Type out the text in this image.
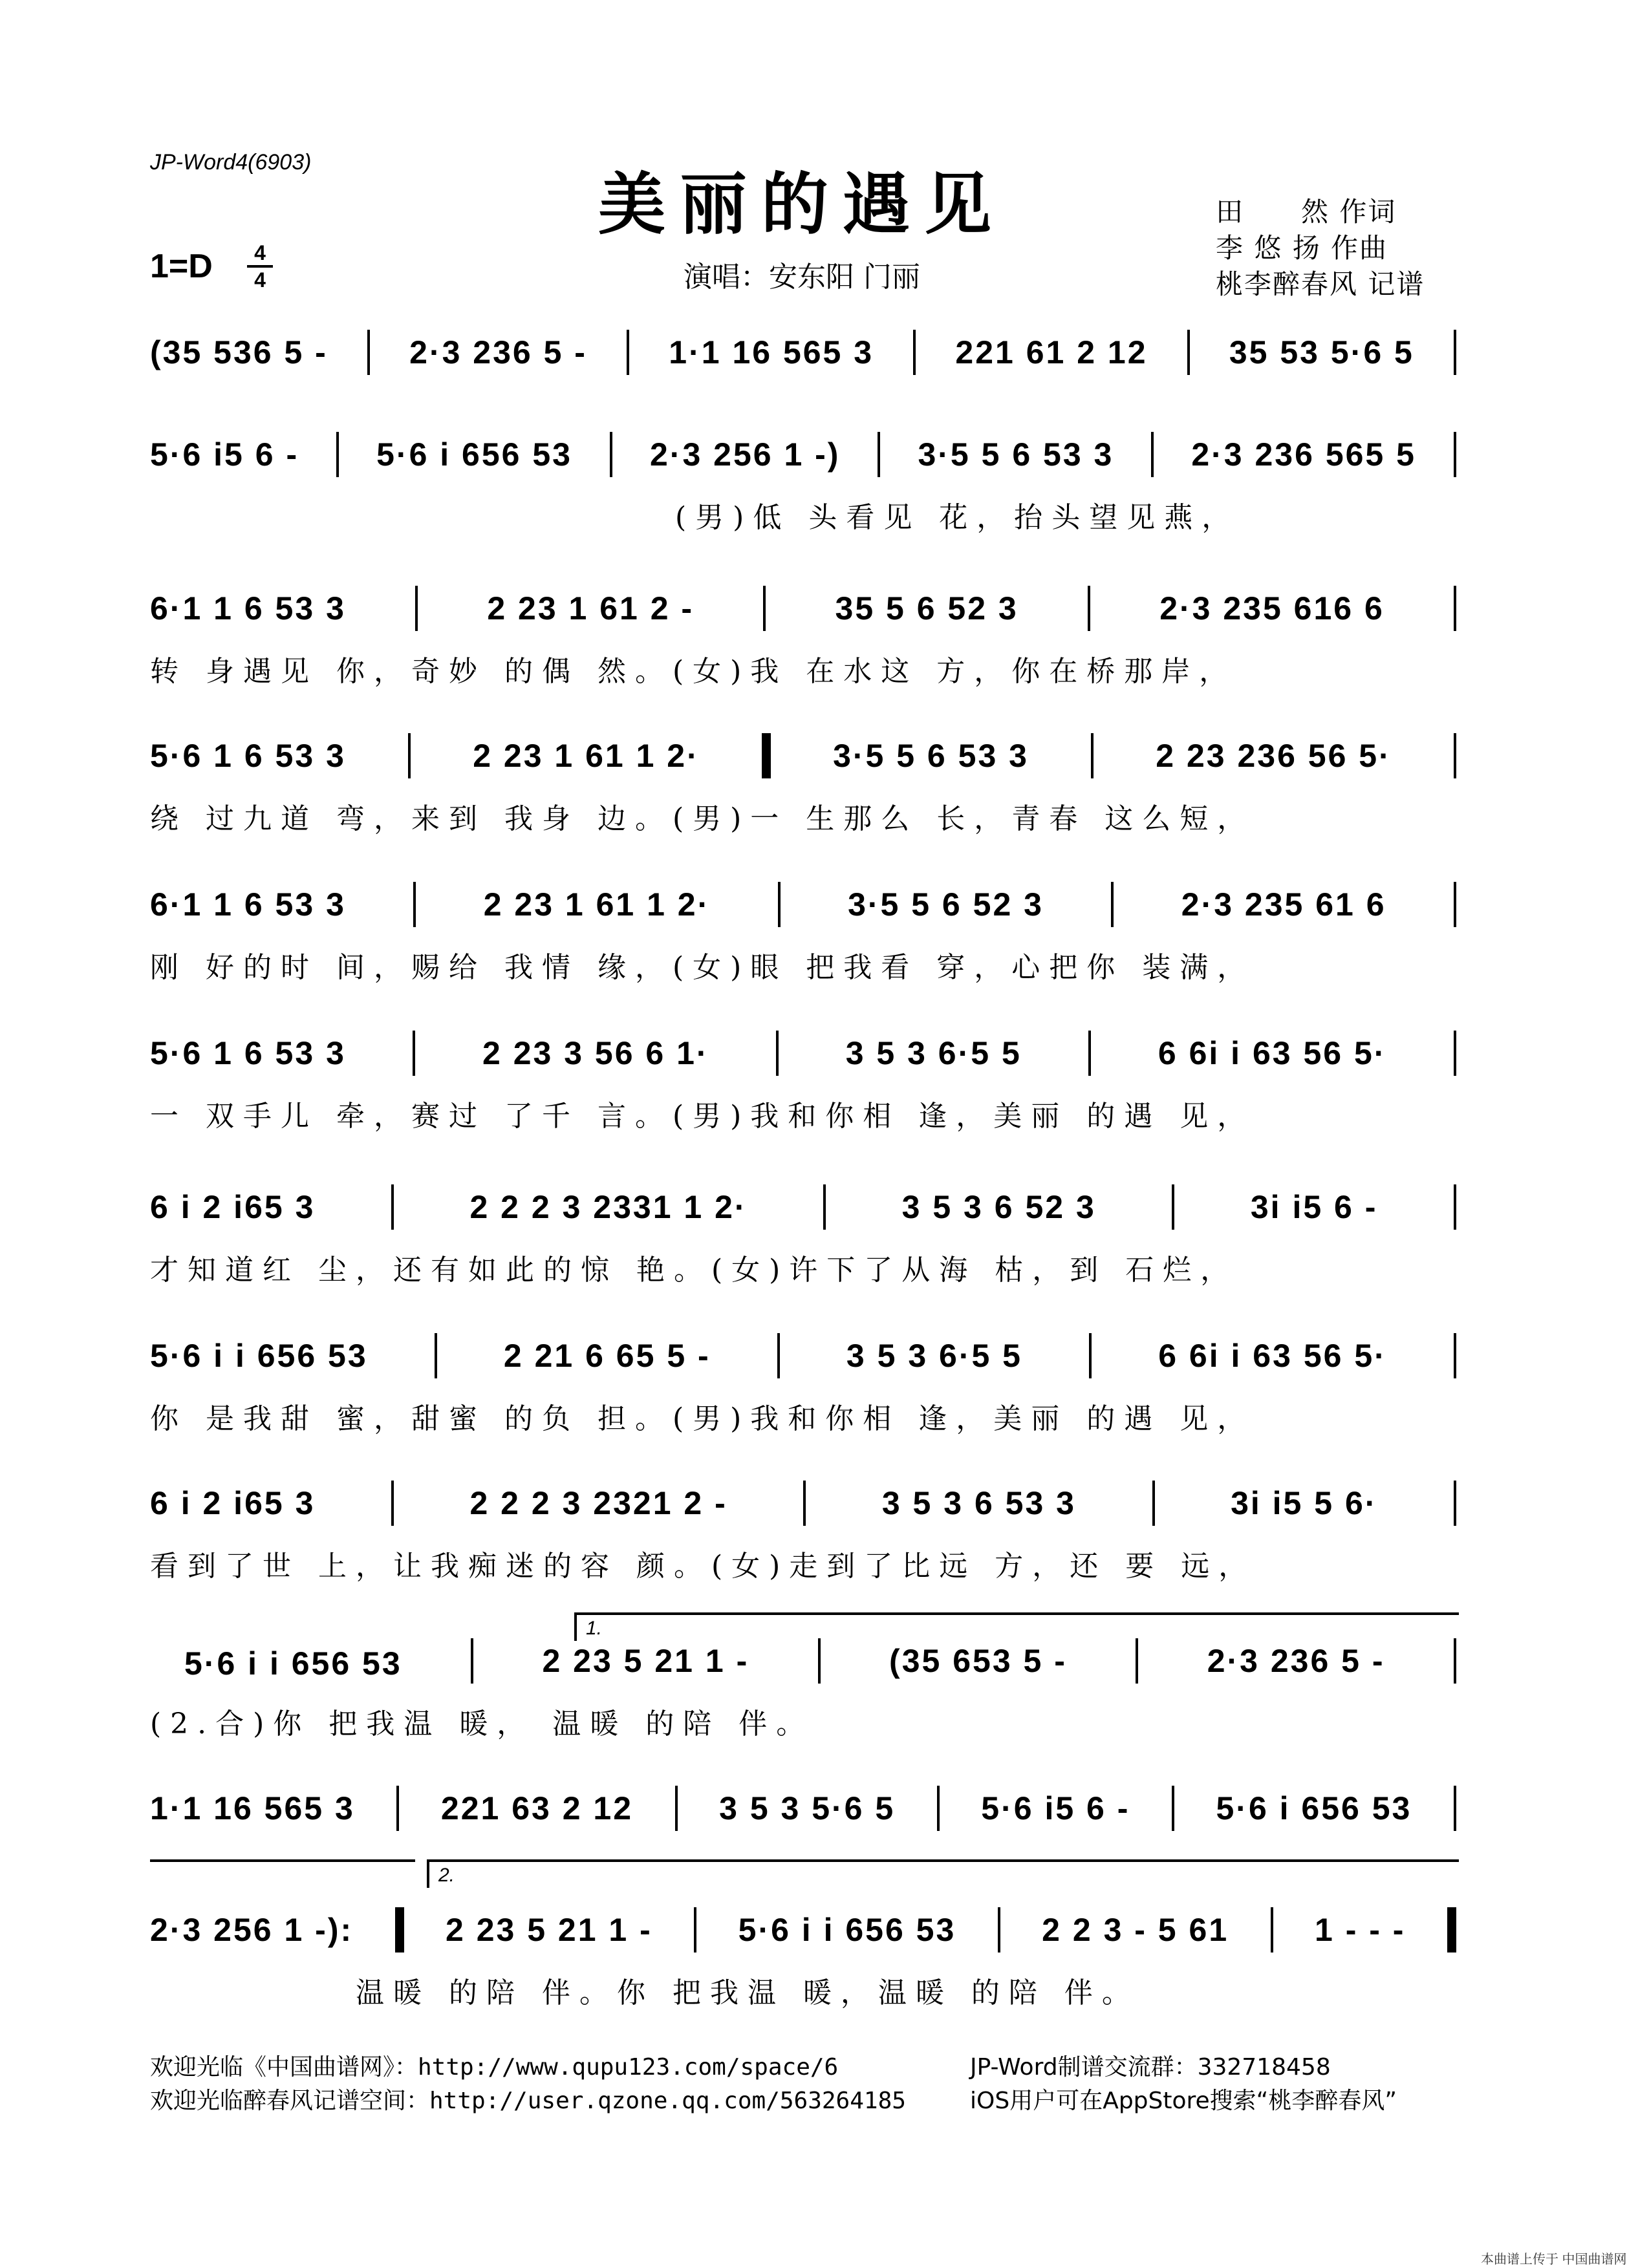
JP-Word4(6903)
美丽的遇见
1=D	4
4	演唱：安东阳 门丽
田　　然 作词
李 悠 扬 作曲
桃李醉春风 记谱
(35 536 5 -	2·3 236 5 -	1·1 16 565 3	221 61 2 12	35 53 5·6 5
5·6 i5 6 - 5·6 i 656 53 2·3 256 1 -) 3·5 5 6 53 3 2·3 236 565 5
　　　　　　　　　　　　　　(男)低 头看见 花，抬头望见燕，
6·1 1 6 53 3	2 23 1 61 2 -	35 5 6 52 3	2·3 235 616 6
转 身遇见 你，奇妙 的偶 然。(女)我 在水这 方，你在桥那岸，
5·6 1 6 53 3	2 23 1 61 1 2·	3·5 5 6 53 3	2 23 236 56 5·
绕 过九道 弯，来到 我身 边。(男)一 生那么 长，青春 这么短，
6·1 1 6 53 3	2 23 1 61 1 2·	3·5 5 6 52 3	2·3 235 61 6
刚 好的时 间，赐给 我情 缘，(女)眼 把我看 穿，心把你 装满，
5·6 1 6 53 3	2 23 3 56 6 1·	3 5 3 6·5 5	6 6i i 63 56 5·
一 双手儿 牵，赛过 了千 言。(男)我和你相 逢，美丽 的遇 见，
6 i 2 i65 3	2 2 2 3 2331 1 2·	3 5 3 6 52 3	3i i5 6 -
才知道红 尘，还有如此的惊 艳。(女)许下了从海 枯，到 石烂，
5·6 i i 656 53	2 21 6 65 5 -	3 5 3 6·5 5	6 6i i 63 56 5·
你 是我甜 蜜，甜蜜 的负 担。(男)我和你相 逢，美丽 的遇 见，
6 i 2 i65 3	2 2 2 3 2321 2 -	3 5 3 6 53 3	3i i5 5 6·
看到了世 上，让我痴迷的容 颜。(女)走到了比远 方，还 要 远，
　5·6 i i 656 53	2 23 5 21 1 -	(35 653 5 -	2·3 236 5 -
(2.合)你 把我温 暖， 温暖 的陪 伴。
1·1 16 565 3	221 63 2 12	3 5 3 5·6 5	5·6 i5 6 -	5·6 i 656 53
2·3 256 1 -):	2 23 5 21 1 -	5·6 i i 656 53	2 2 3 - 5 61	1 - - -
　　　　　 温暖 的陪 伴。你 把我温 暖，温暖 的陪 伴。
1.
2.
欢迎光临《中国曲谱网》：http://www.qupu123.com/space/6
欢迎光临醉春风记谱空间：http://user.qzone.qq.com/563264185
JP-Word制谱交流群：332718458
iOS用户可在AppStore搜索“桃李醉春风”
本曲谱上传于 中国曲谱网
